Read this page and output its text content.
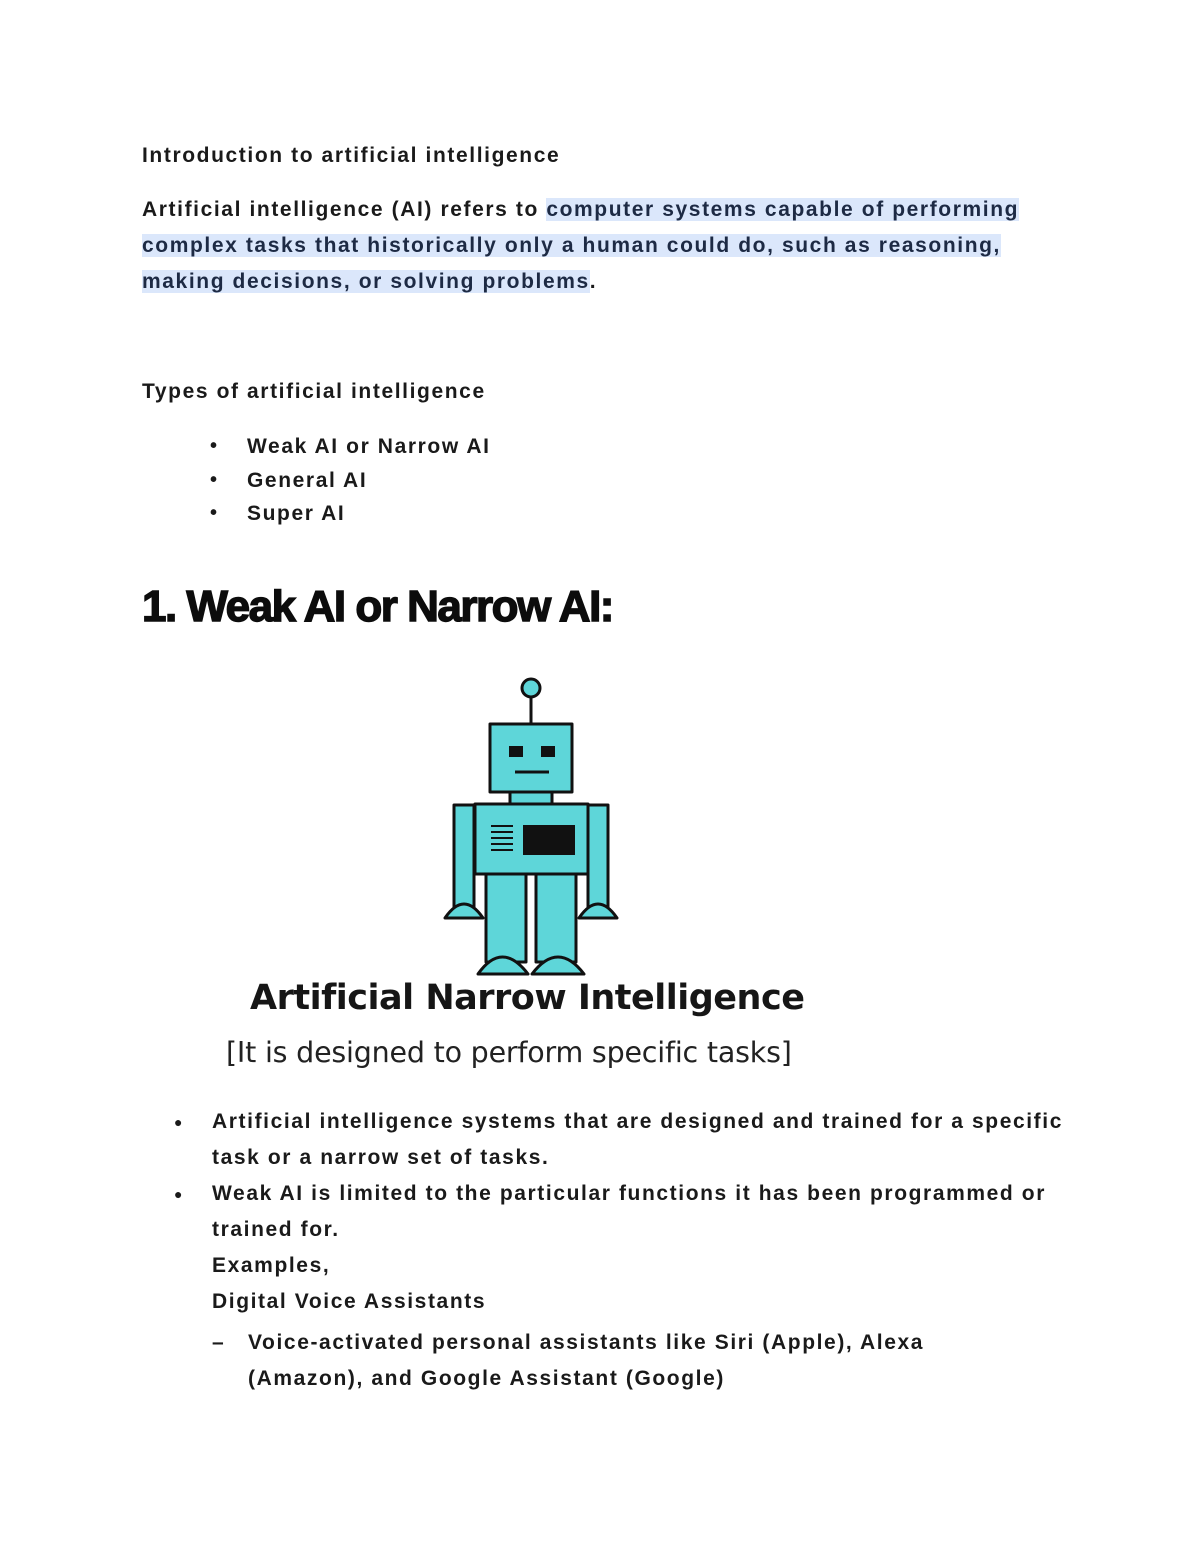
Introduction to artificial intelligence

Artificial intelligence (AI) refers to computer systems capable of performing complex tasks that historically only a human could do, such as reasoning, making decisions, or solving problems.

Types of artificial intelligence

• Weak AI or Narrow AI
• General AI
• Super AI
1. Weak AI or Narrow AI:

Artificial Narrow Intelligence

[It is designed to perform specific tasks]

● Artificial intelligence systems that are designed and trained for a specific task or a narrow set of tasks.
● Weak AI is limited to the particular functions it has been programmed or trained for.
Examples,
Digital Voice Assistants
– Voice-activated personal assistants like Siri (Apple), Alexa (Amazon), and Google Assistant (Google)
